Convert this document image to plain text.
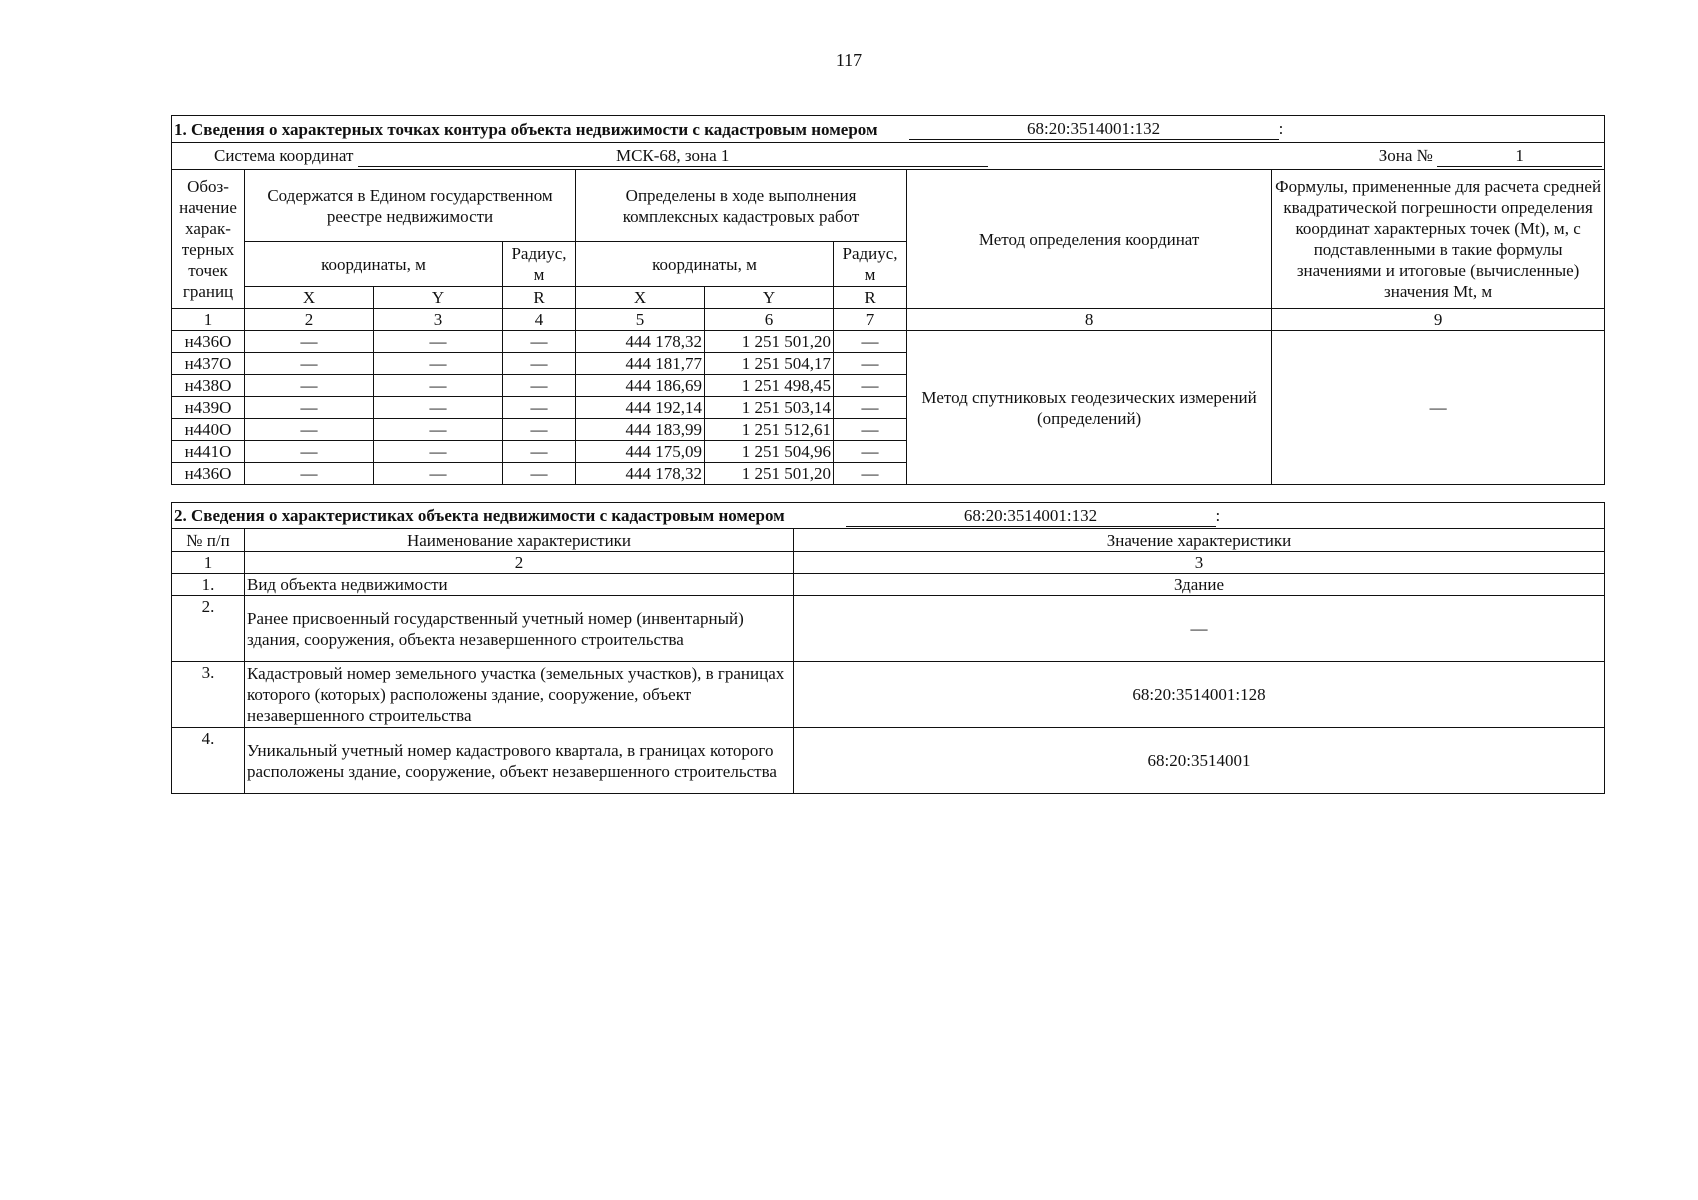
117
1. Сведения о характерных точках контура объекта недвижимости с кадастровым номером							68:20:3514001:132 :	
Система координат МСК-68, зона 1								Зона № 1
Обоз-начение харак-терных точек границ	Содержатся в Едином государственном реестре недвижимости			Определены в ходе выполнения комплексных кадастровых работ			Метод определения координат	Формулы, примененные для расчета средней квадратической погрешности определения координат характерных точек (Mt), м, с подставленными в такие формулы значениями и итоговые (вычисленные) значения Mt, м
	координаты, м		Радиус, м	координаты, м		Радиус, м		
	X	Y	R	X	Y	R		
1	2	3	4	5	6	7	8	9
н436О	—	—	—	444 178,32	1 251 501,20	—	Метод спутниковых геодезических измерений (определений)	—
н437О	—	—	—	444 181,77	1 251 504,17	—		
н438О	—	—	—	444 186,69	1 251 498,45	—		
н439О	—	—	—	444 192,14	1 251 503,14	—		
н440О	—	—	—	444 183,99	1 251 512,61	—		
н441О	—	—	—	444 175,09	1 251 504,96	—		
н436О	—	—	—	444 178,32	1 251 501,20	—		
2. Сведения о характеристиках объекта недвижимости с кадастровым номером		68:20:3514001:132 :
№ п/п	Наименование характеристики	Значение характеристики
1	2	3
1.	Вид объекта недвижимости	Здание
2.	Ранее присвоенный государственный учетный номер (инвентарный) здания, сооружения, объекта незавершенного строительства	—
3.	Кадастровый номер земельного участка (земельных участков), в границах которого (которых) расположены здание, сооружение, объект незавершенного строительства	68:20:3514001:128
4.	Уникальный учетный номер кадастрового квартала, в границах которого расположены здание, сооружение, объект незавершенного строительства	68:20:3514001
